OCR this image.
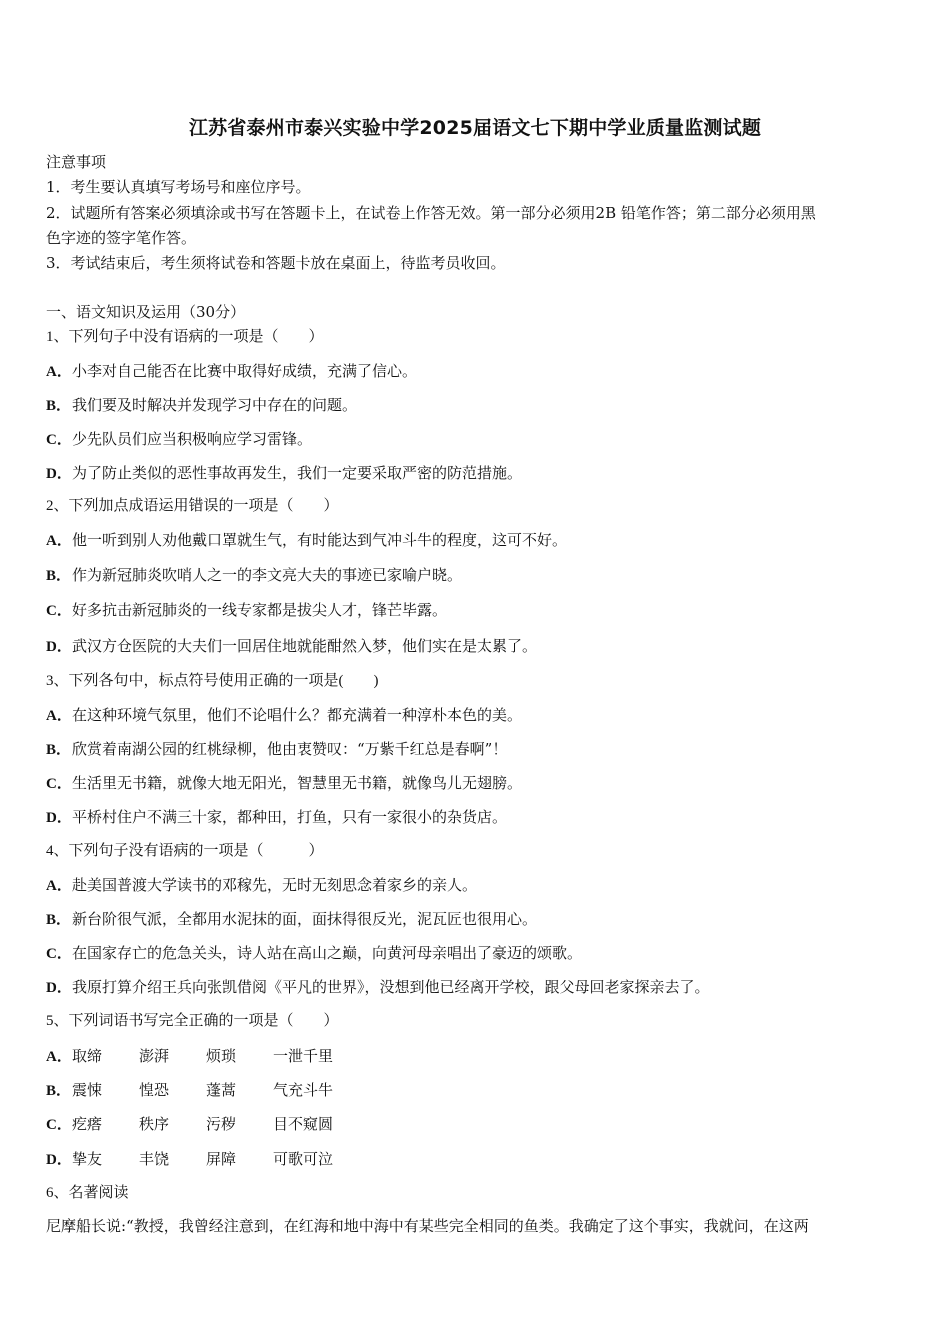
江苏省泰州市泰兴实验中学2025届语文七下期中学业质量监测试题
注意事项
1．考生要认真填写考场号和座位序号。
2．试题所有答案必须填涂或书写在答题卡上，在试卷上作答无效。第一部分必须用2B 铅笔作答；第二部分必须用黑
色字迹的签字笔作答。
3．考试结束后，考生须将试卷和答题卡放在桌面上，待监考员收回。
一、语文知识及运用（30分）
1、下列句子中没有语病的一项是（　　）
A．小李对自己能否在比赛中取得好成绩，充满了信心。
B．我们要及时解决并发现学习中存在的问题。
C．少先队员们应当积极响应学习雷锋。
D．为了防止类似的恶性事故再发生，我们一定要采取严密的防范措施。
2、下列加点成语运用错误的一项是（　　）
A．他一听到别人劝他戴口罩就生气，有时能达到气冲斗牛的程度，这可不好。
B．作为新冠肺炎吹哨人之一的李文亮大夫的事迹已家喻户晓。
C．好多抗击新冠肺炎的一线专家都是拔尖人才，锋芒毕露。
D．武汉方仓医院的大夫们一回居住地就能酣然入梦，他们实在是太累了。
3、下列各句中，标点符号使用正确的一项是(　　)
A．在这种环境气氛里，他们不论唱什么？都充满着一种淳朴本色的美。
B．欣赏着南湖公园的红桃绿柳，他由衷赞叹：“万紫千红总是春啊”！
C．生活里无书籍，就像大地无阳光，智慧里无书籍，就像鸟儿无翅膀。
D．平桥村住户不满三十家，都种田，打鱼，只有一家很小的杂货店。
4、下列句子没有语病的一项是（　　　）
A．赴美国普渡大学读书的邓稼先，无时无刻思念着家乡的亲人。
B．新台阶很气派，全都用水泥抹的面，面抹得很反光，泥瓦匠也很用心。
C．在国家存亡的危急关头，诗人站在高山之巅，向黄河母亲唱出了豪迈的颂歌。
D．我原打算介绍王兵向张凯借阅《平凡的世界》，没想到他已经离开学校，跟父母回老家探亲去了。
5、下列词语书写完全正确的一项是（　　）
A．取缔 澎湃 烦琐 一泄千里
B．震悚 惶恐 蓬蒿 气充斗牛
C．疙瘩 秩序 污秽 目不窥圆
D．挚友 丰饶 屏障 可歌可泣
6、名著阅读
尼摩船长说:“教授，我曾经注意到，在红海和地中海中有某些完全相同的鱼类。我确定了这个事实，我就问，在这两
